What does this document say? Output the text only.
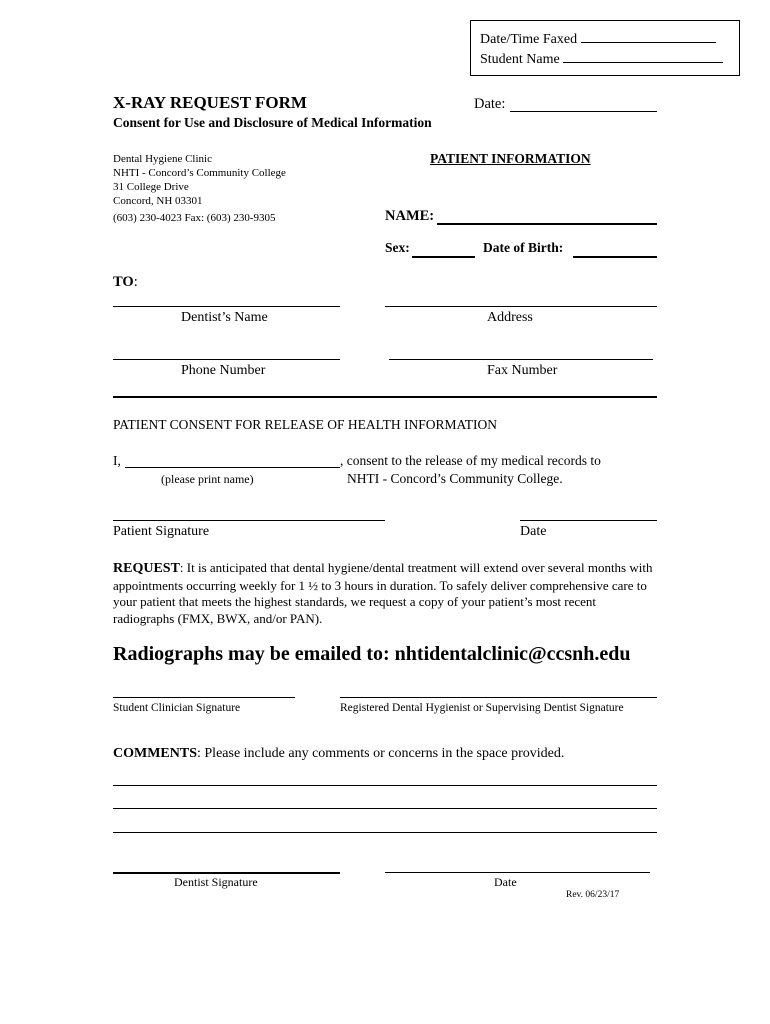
Date/Time Faxed
Student Name
X-RAY REQUEST FORM	Date:
Consent for Use and Disclosure of Medical Information
Dental Hygiene Clinic
NHTI - Concord’s Community College
31 College Drive
Concord, NH 03301
(603) 230-4023 Fax: (603) 230-9305
PATIENT INFORMATION
NAME:
Sex:	Date of Birth:
TO:
Dentist’s Name	Address
Phone Number	Fax Number
PATIENT CONSENT FOR RELEASE OF HEALTH INFORMATION
I,	, consent to the release of my medical records to
(please print name)	NHTI - Concord’s Community College.
Patient Signature	Date
REQUEST: It is anticipated that dental hygiene/dental treatment will extend over several months with appointments occurring weekly for 1 ½ to 3 hours in duration. To safely deliver comprehensive care to your patient that meets the highest standards, we request a copy of your patient’s most recent radiographs (FMX, BWX, and/or PAN).
Radiographs may be emailed to: nhtidentalclinic@ccsnh.edu
Student Clinician Signature	Registered Dental Hygienist or Supervising Dentist Signature
COMMENTS: Please include any comments or concerns in the space provided.
Dentist Signature	Date
Rev. 06/23/17
